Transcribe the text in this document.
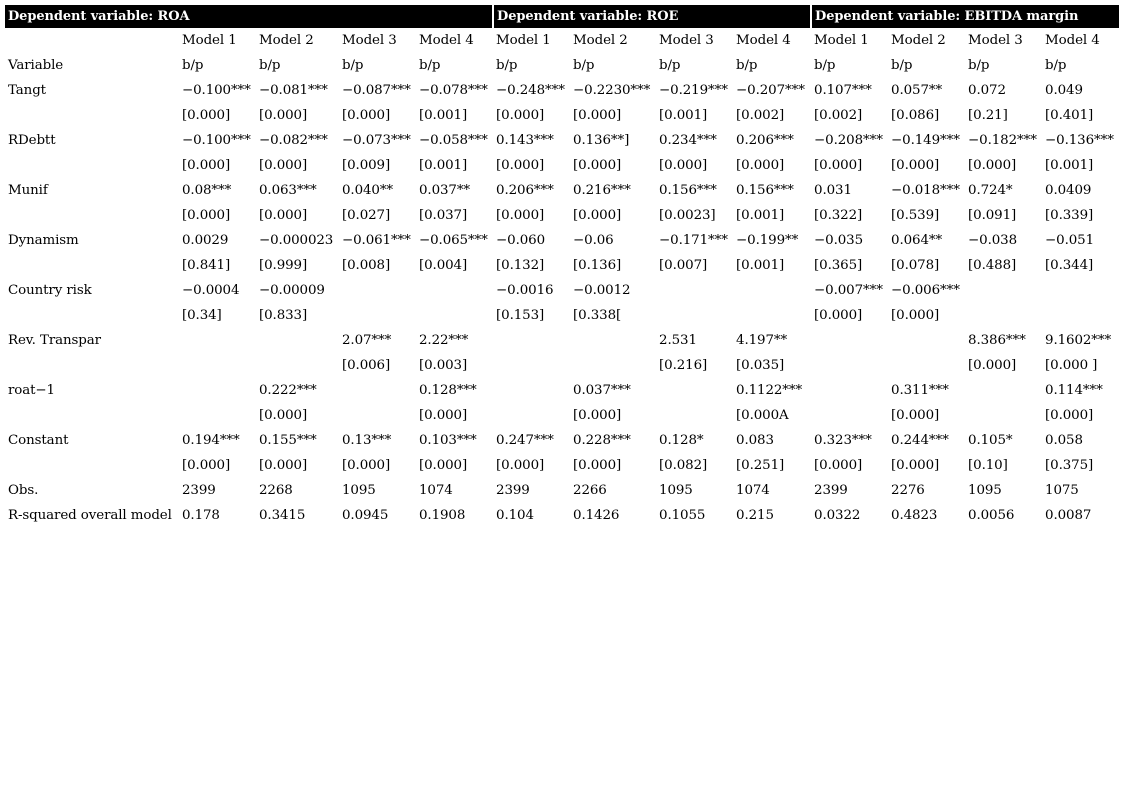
Dependent variable: ROA					Dependent variable: ROE				Dependent variable: EBITDA margin			
	Model 1	Model 2	Model 3	Model 4	Model 1	Model 2	Model 3	Model 4	Model 1	Model 2	Model 3	Model 4
Variable	b/p	b/p	b/p	b/p	b/p	b/p	b/p	b/p	b/p	b/p	b/p	b/p
Tangt	−0.100***	−0.081***	−0.087***	−0.078***	−0.248***	−0.2230***	−0.219***	−0.207***	0.107***	0.057**	0.072	0.049
	[0.000]	[0.000]	[0.000]	[0.001]	[0.000]	[0.000]	[0.001]	[0.002]	[0.002]	[0.086]	[0.21]	[0.401]
RDebtt	−0.100***	−0.082***	−0.073***	−0.058***	0.143***	0.136**]	0.234***	0.206***	−0.208***	−0.149***	−0.182***	−0.136***
	[0.000]	[0.000]	[0.009]	[0.001]	[0.000]	[0.000]	[0.000]	[0.000]	[0.000]	[0.000]	[0.000]	[0.001]
Munif	0.08***	0.063***	0.040**	0.037**	0.206***	0.216***	0.156***	0.156***	0.031	−0.018***	0.724*	0.0409
	[0.000]	[0.000]	[0.027]	[0.037]	[0.000]	[0.000]	[0.0023]	[0.001]	[0.322]	[0.539]	[0.091]	[0.339]
Dynamism	0.0029	−0.000023	−0.061***	−0.065***	−0.060	−0.06	−0.171***	−0.199**	−0.035	0.064**	−0.038	−0.051
	[0.841]	[0.999]	[0.008]	[0.004]	[0.132]	[0.136]	[0.007]	[0.001]	[0.365]	[0.078]	[0.488]	[0.344]
Country risk	−0.0004	−0.00009			−0.0016	−0.0012			−0.007***	−0.006***		
	[0.34]	[0.833]			[0.153]	[0.338[			[0.000]	[0.000]		
Rev. Transpar			2.07***	2.22***			2.531	4.197**			8.386***	9.1602***
			[0.006]	[0.003]			[0.216]	[0.035]			[0.000]	[0.000 ]
roat−1		0.222***		0.128***		0.037***		0.1122***		0.311***		0.114***
		[0.000]		[0.000]		[0.000]		[0.000A		[0.000]		[0.000]
Constant	0.194***	0.155***	0.13***	0.103***	0.247***	0.228***	0.128*	0.083	0.323***	0.244***	0.105*	0.058
	[0.000]	[0.000]	[0.000]	[0.000]	[0.000]	[0.000]	[0.082]	[0.251]	[0.000]	[0.000]	[0.10]	[0.375]
Obs.	2399	2268	1095	1074	2399	2266	1095	1074	2399	2276	1095	1075
R-squared overall model	0.178	0.3415	0.0945	0.1908	0.104	0.1426	0.1055	0.215	0.0322	0.4823	0.0056	0.0087
